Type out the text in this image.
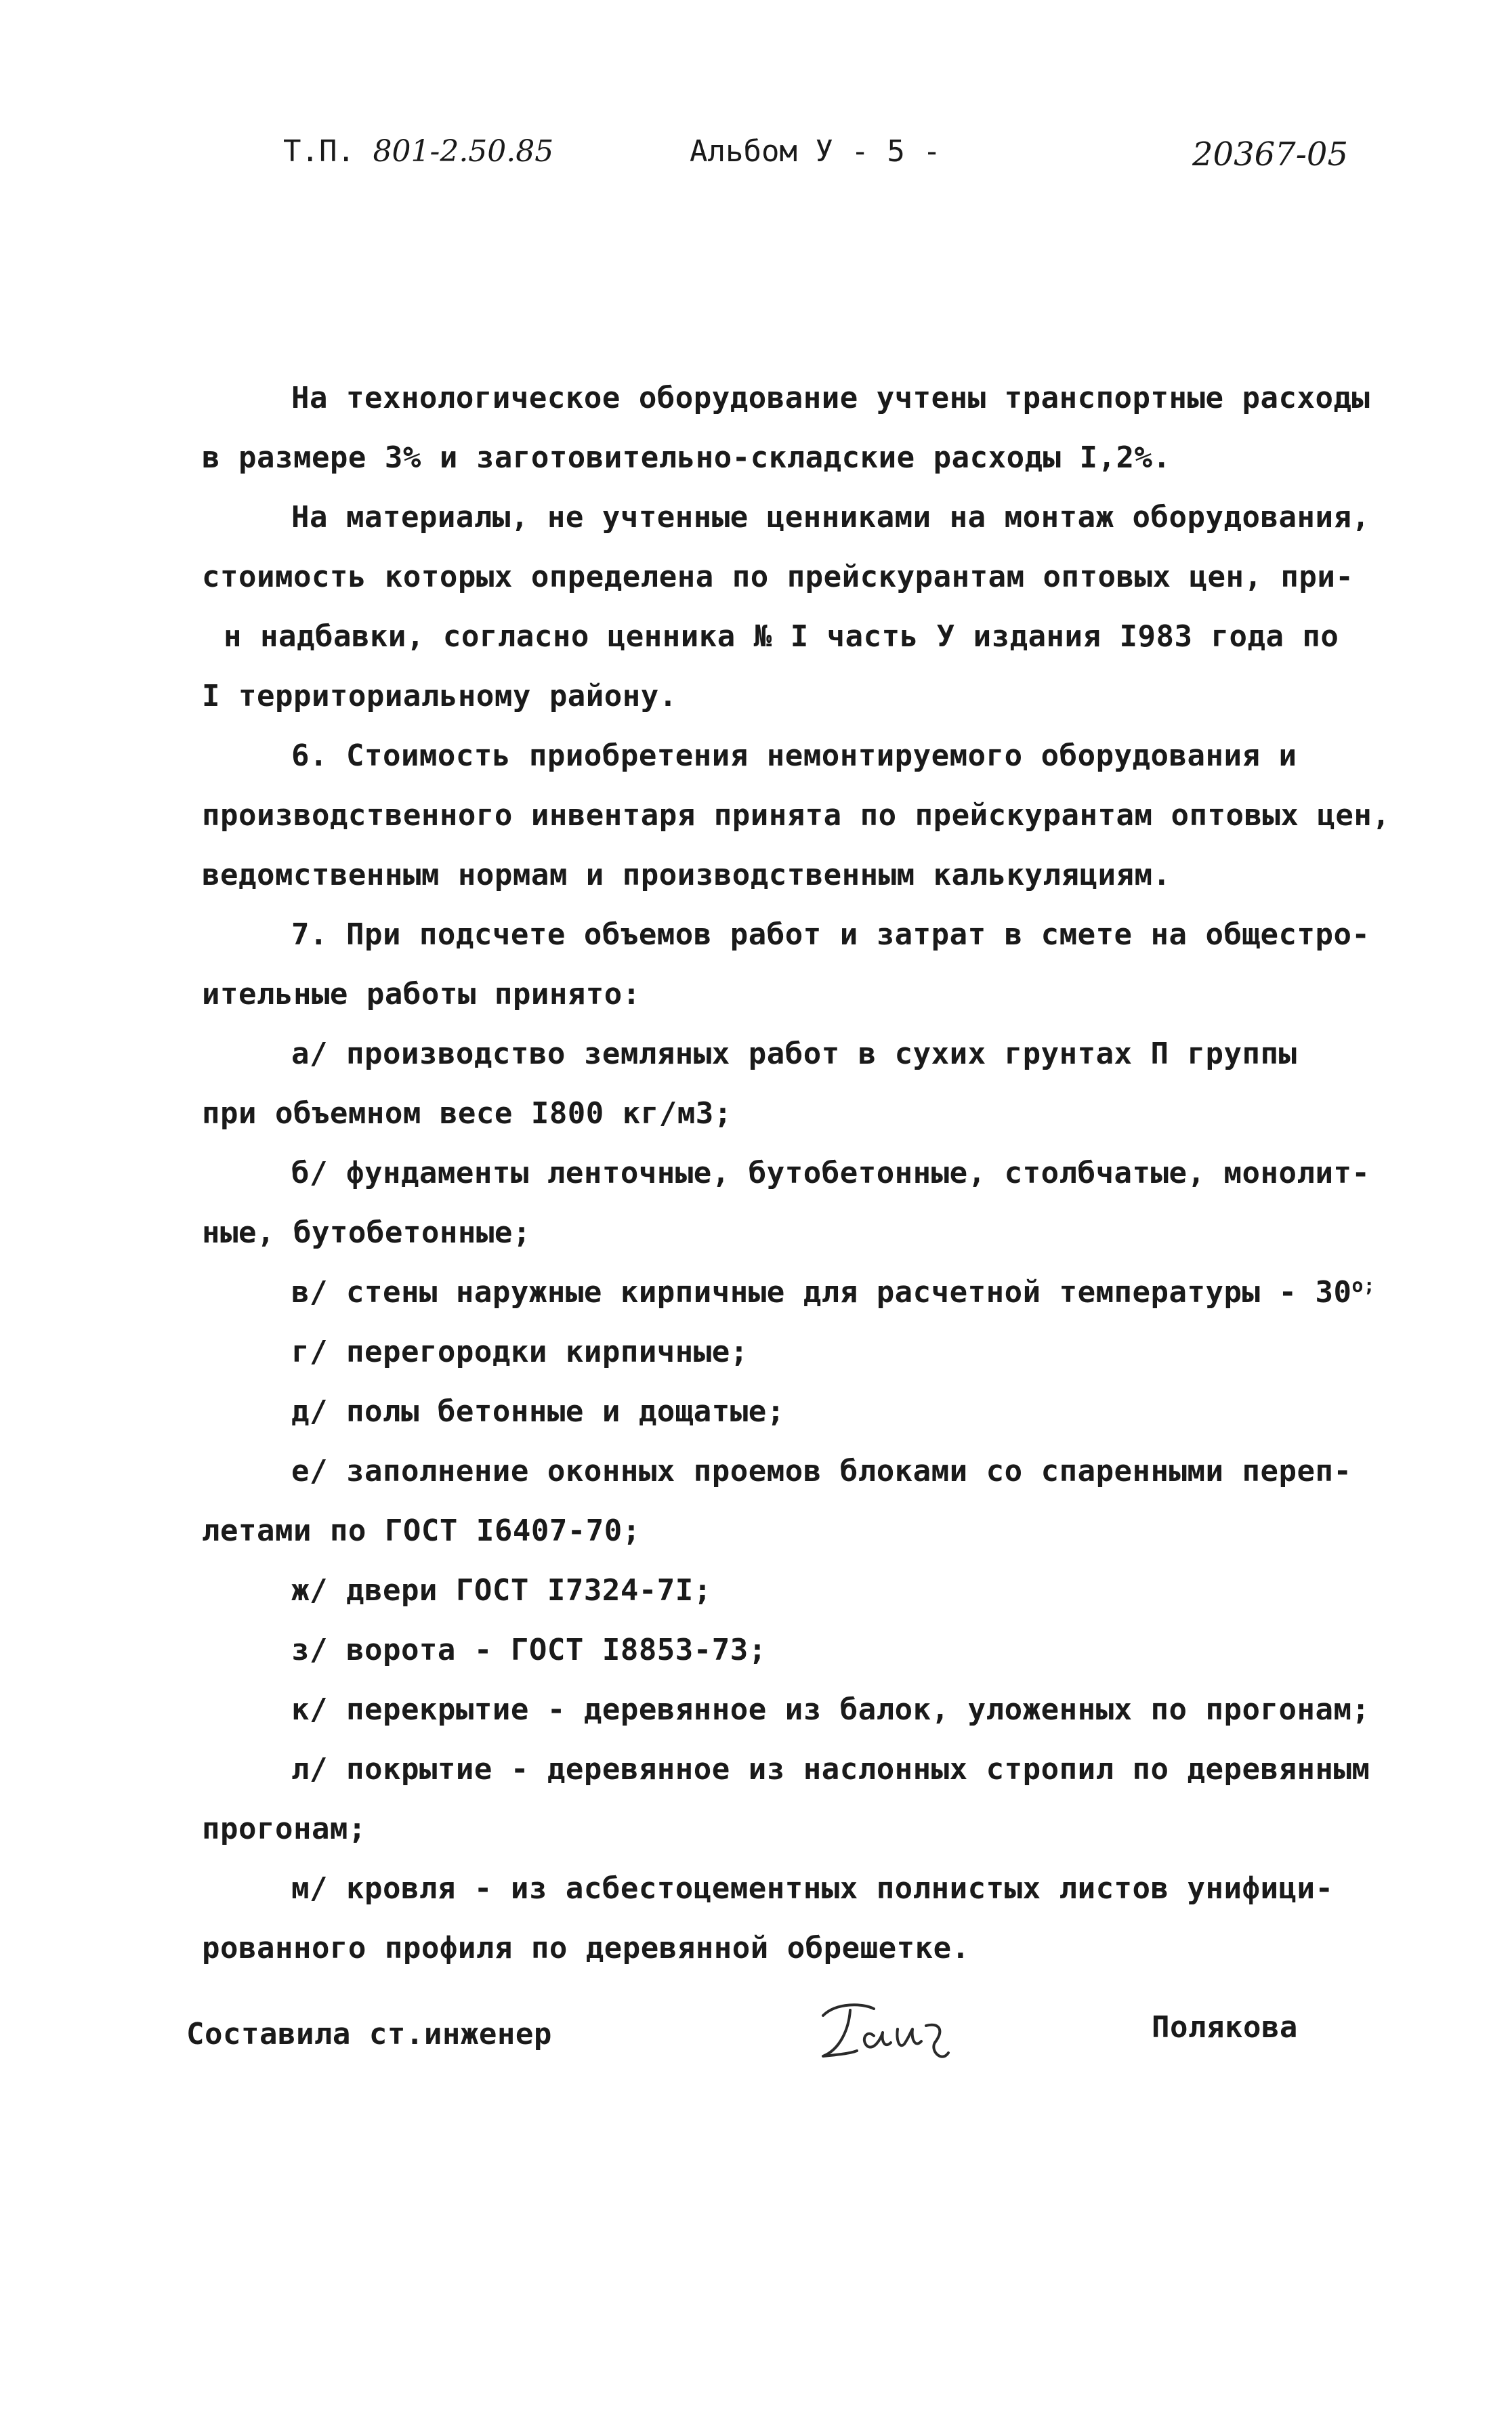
Т.П. 801-2.50.85	Альбом У - 5 -	20367-05
На технологическое оборудование учтены транспортные расходы
в размере 3% и заготовительно-складские расходы I,2%.
На материалы, не учтенные ценниками на монтаж оборудования,
стоимость которых определена по прейскурантам оптовых цен, при-
н надбавки, согласно ценника № I часть У издания I983 года по
I территориальному району.
6. Стоимость приобретения немонтируемого оборудования и
производственного инвентаря принята по прейскурантам оптовых цен,
ведомственным нормам и производственным калькуляциям.
7. При подсчете объемов работ и затрат в смете на общестро-
ительные работы принято:
а/ производство земляных работ в сухих грунтах П группы
при объемном весе I800 кг/м3;
б/ фундаменты ленточные, бутобетонные, столбчатые, монолит-
ные, бутобетонные;
в/ стены наружные кирпичные для расчетной температуры - $30^{o;}$
г/ перегородки кирпичные;
д/ полы бетонные и дощатые;
е/ заполнение оконных проемов блоками со спаренными переп-
летами по ГОСТ I6407-70;
ж/ двери ГОСТ I7324-7I;
з/ ворота - ГОСТ I8853-73;
к/ перекрытие - деревянное из балок, уложенных по прогонам;
л/ покрытие - деревянное из наслонных стропил по деревянным
прогонам;
м/ кровля - из асбестоцементных полнистых листов унифици-
рованного профиля по деревянной обрешетке.
Составила ст.инженер	Полякова
